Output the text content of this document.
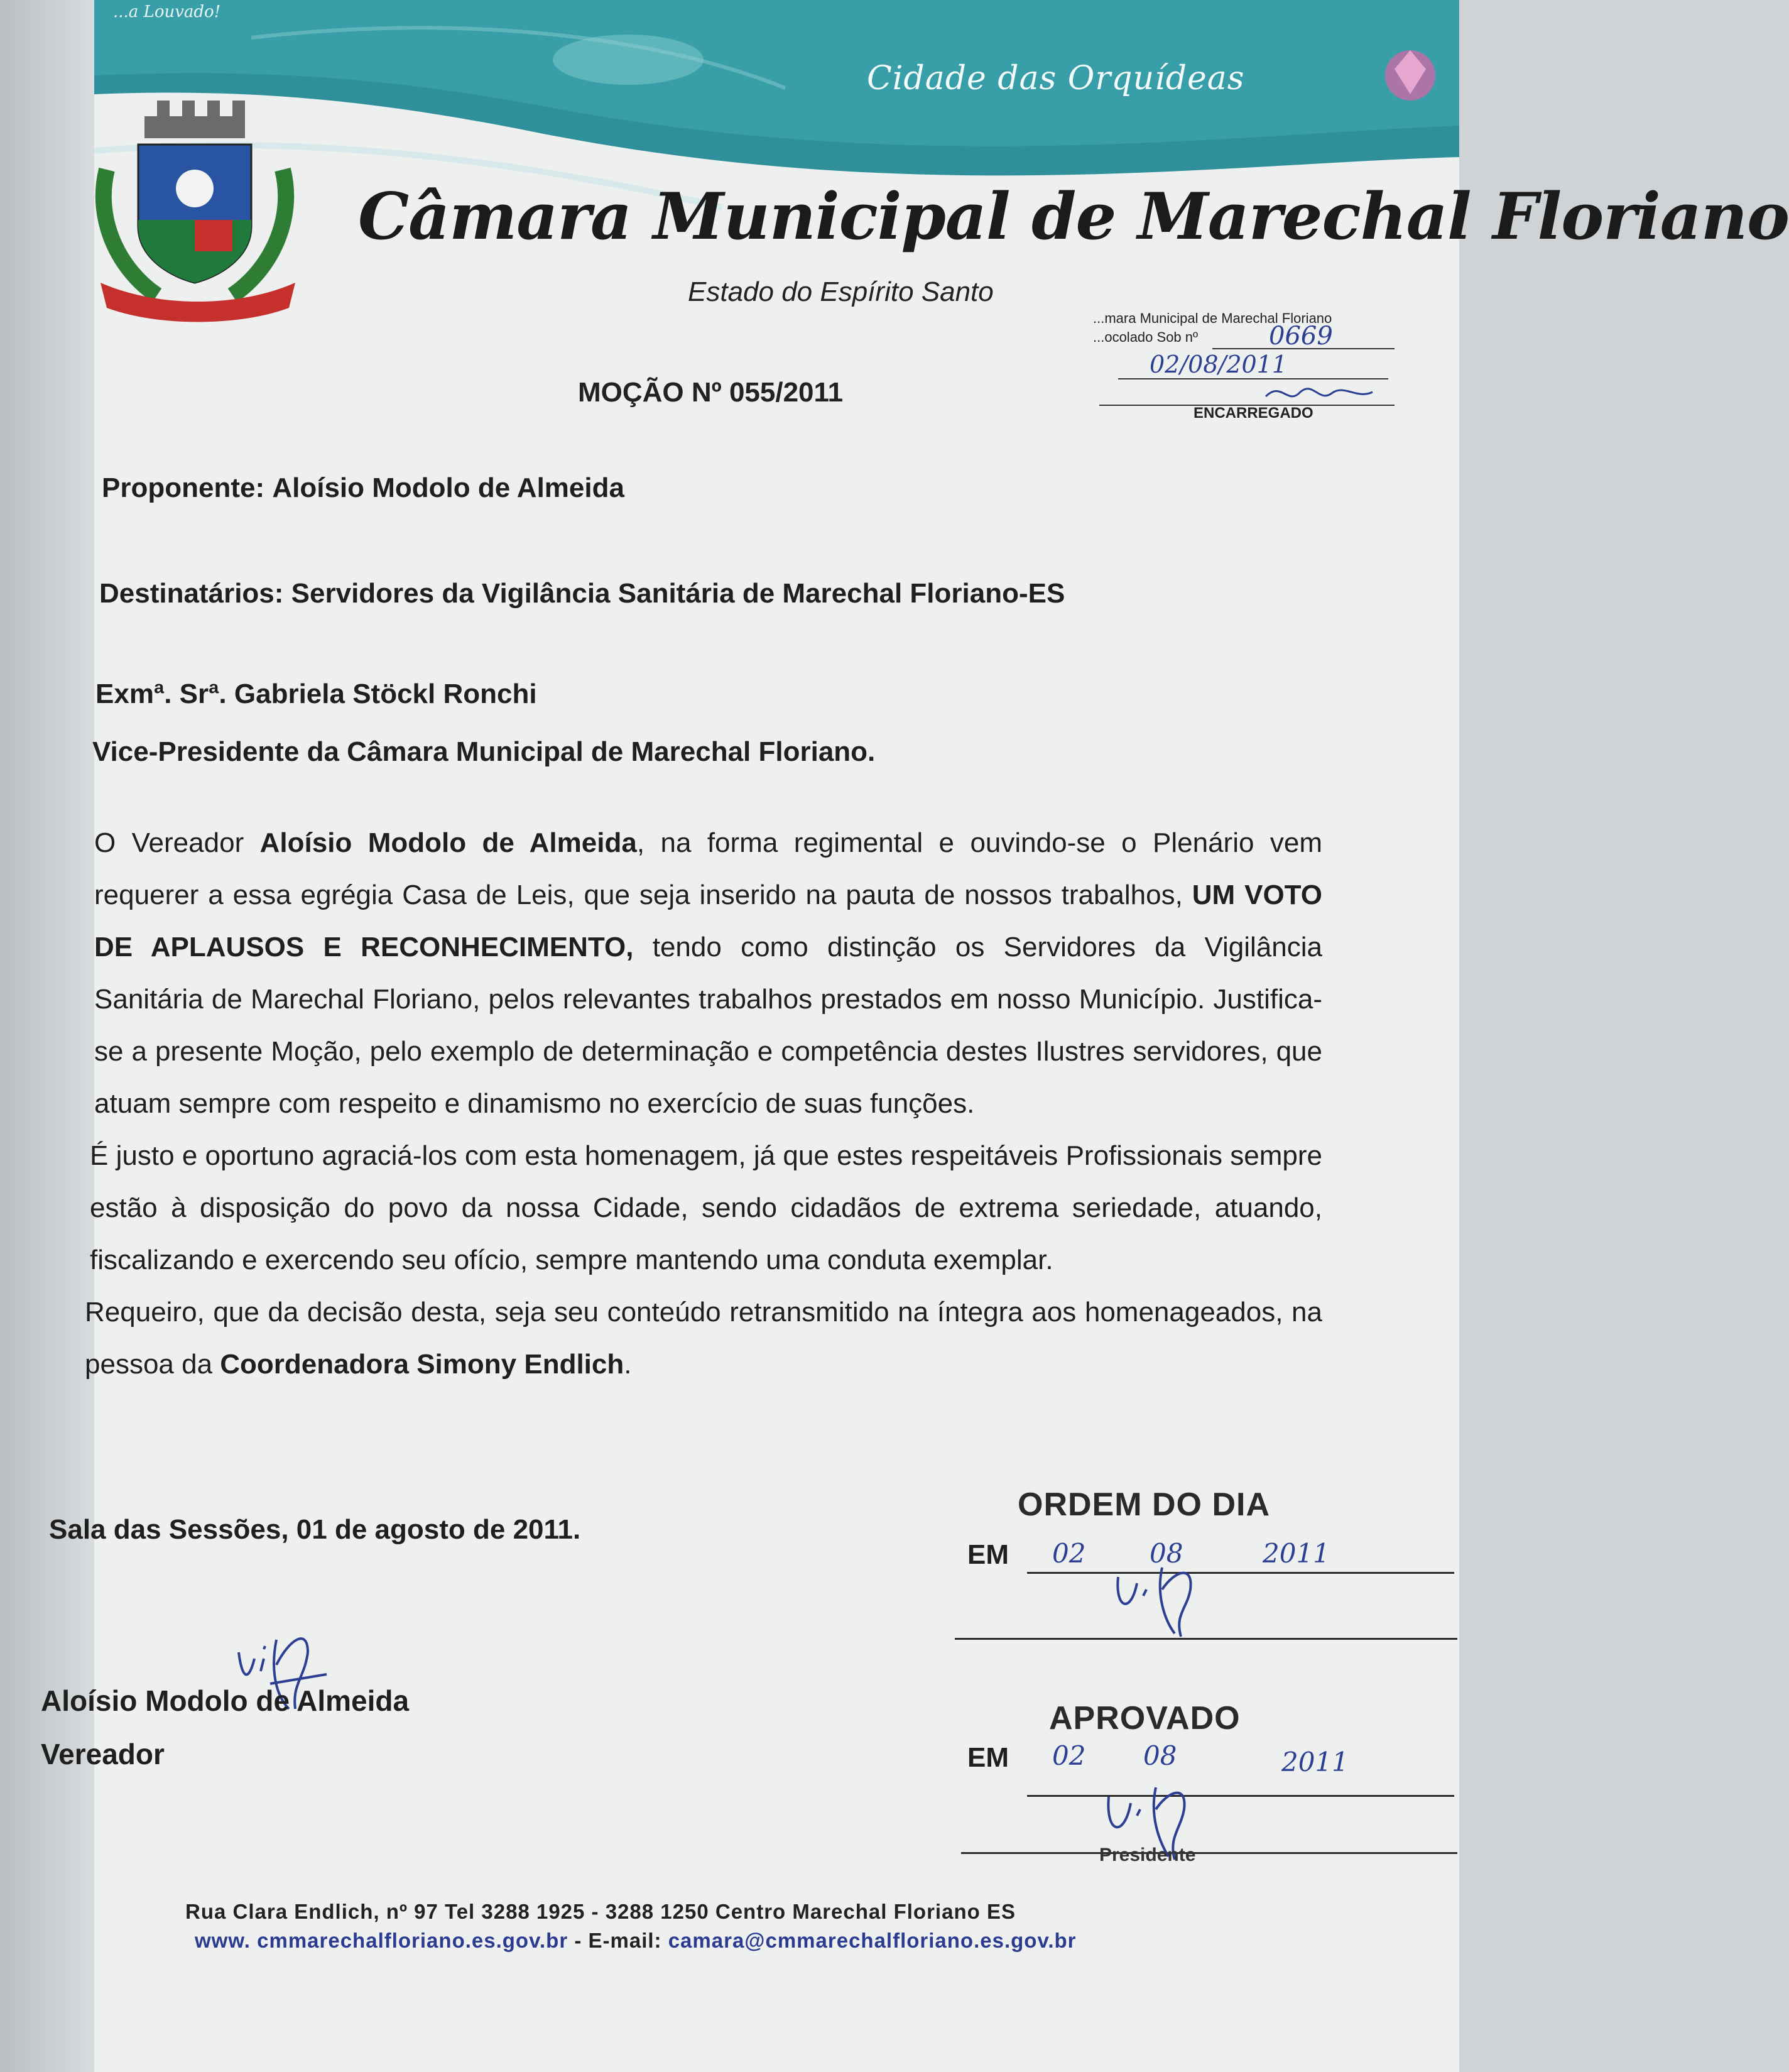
...a Louvado!
Cidade das Orquídeas
Câmara Municipal de Marechal Floriano
Estado do Espírito Santo
...mara Municipal de Marechal Floriano
...ocolado Sob nº	0669
02/08/2011
ENCARREGADO
MOÇÃO Nº 055/2011
Proponente: Aloísio Modolo de Almeida
Destinatários: Servidores da Vigilância Sanitária de Marechal Floriano-ES
Exmª. Srª. Gabriela Stöckl Ronchi
Vice-Presidente da Câmara Municipal de Marechal Floriano.

O Vereador Aloísio Modolo de Almeida, na forma regimental e ouvindo-se o Plenário vem requerer a essa egrégia Casa de Leis, que seja inserido na pauta de nossos trabalhos, UM VOTO DE APLAUSOS E RECONHECIMENTO, tendo como distinção os Servidores da Vigilância Sanitária de Marechal Floriano, pelos relevantes trabalhos prestados em nosso Município. Justifica-se a presente Moção, pelo exemplo de determinação e competência destes Ilustres servidores, que atuam sempre com respeito e dinamismo no exercício de suas funções.

É justo e oportuno agraciá-los com esta homenagem, já que estes respeitáveis Profissionais sempre estão à disposição do povo da nossa Cidade, sendo cidadãos de extrema seriedade, atuando, fiscalizando e exercendo seu ofício, sempre mantendo uma conduta exemplar.

Requeiro, que da decisão desta, seja seu conteúdo retransmitido na íntegra aos homenageados, na pessoa da Coordenadora Simony Endlich.

Sala das Sessões, 01 de agosto de 2011.
Aloísio Modolo de Almeida
Vereador
ORDEM DO DIA
EM 02 08	2011
APROVADO
EM 02 08	2011
Presidente
Rua Clara Endlich, nº 97 Tel 3288 1925 - 3288 1250 Centro Marechal Floriano ES
www. cmmarechalfloriano.es.gov.br - E-mail: camara@cmmarechalfloriano.es.gov.br
